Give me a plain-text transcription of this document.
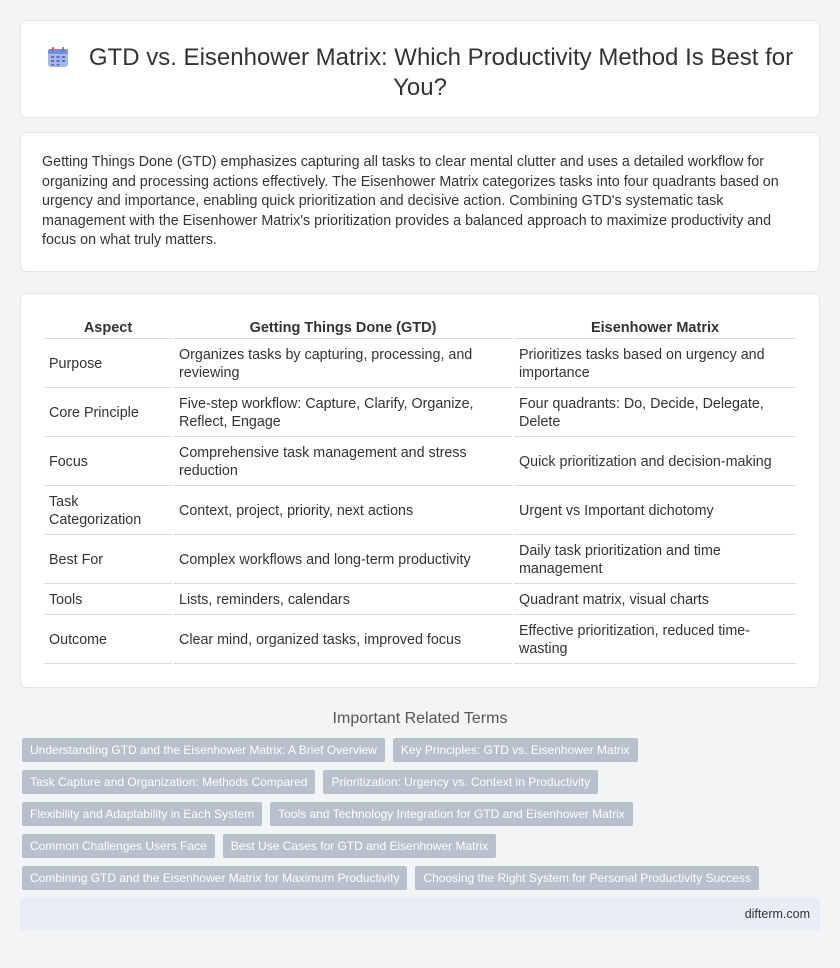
GTD vs. Eisenhower Matrix: Which Productivity Method Is Best for You?

Getting Things Done (GTD) emphasizes capturing all tasks to clear mental clutter and uses a detailed workflow for organizing and processing actions effectively. The Eisenhower Matrix categorizes tasks into four quadrants based on urgency and importance, enabling quick prioritization and decisive action. Combining GTD's systematic task management with the Eisenhower Matrix's prioritization provides a balanced approach to maximize productivity and focus on what truly matters.

Aspect	Getting Things Done (GTD)	Eisenhower Matrix
Purpose	Organizes tasks by capturing, processing, and reviewing	Prioritizes tasks based on urgency and importance
Core Principle	Five-step workflow: Capture, Clarify, Organize, Reflect, Engage	Four quadrants: Do, Decide, Delegate, Delete
Focus	Comprehensive task management and stress reduction	Quick prioritization and decision-making
Task Categorization	Context, project, priority, next actions	Urgent vs Important dichotomy
Best For	Complex workflows and long-term productivity	Daily task prioritization and time management
Tools	Lists, reminders, calendars	Quadrant matrix, visual charts
Outcome	Clear mind, organized tasks, improved focus	Effective prioritization, reduced time-wasting
Important Related Terms
Understanding GTD and the Eisenhower Matrix: A Brief Overview	Key Principles: GTD vs. Eisenhower Matrix
Task Capture and Organization: Methods Compared	Prioritization: Urgency vs. Context in Productivity
Flexibility and Adaptability in Each System	Tools and Technology Integration for GTD and Eisenhower Matrix
Common Challenges Users Face	Best Use Cases for GTD and Eisenhower Matrix
Combining GTD and the Eisenhower Matrix for Maximum Productivity	Choosing the Right System for Personal Productivity Success
difterm.com
